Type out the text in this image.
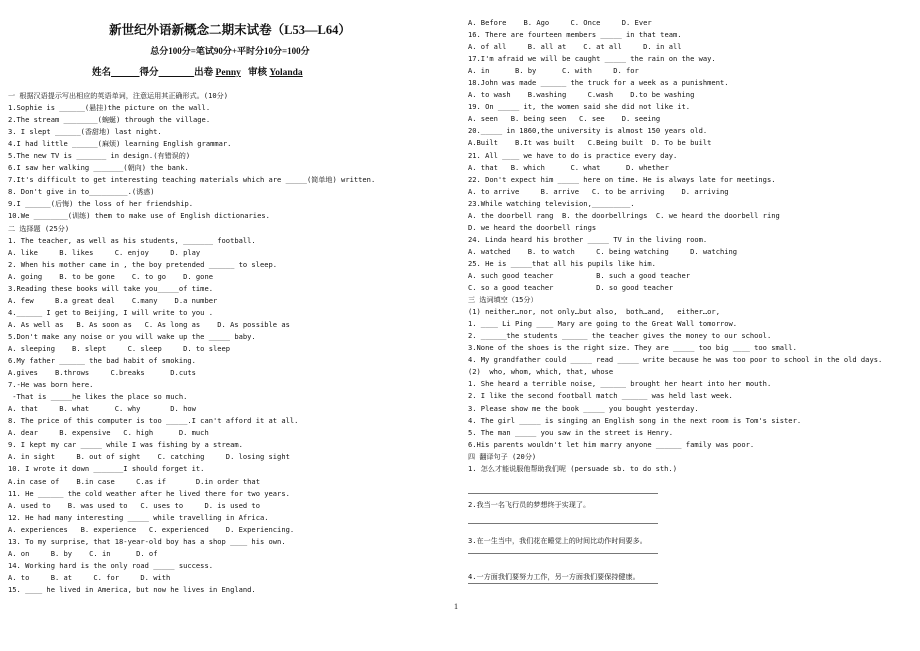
新世纪外语新概念二期末试卷（L53—L64）
总分100分=笔试90分+平时分10分=100分
姓名	得分	出卷 Penny 审核 Yolanda
一 根据汉语提示写出相应的英语单词，注意运用其正确形式。(10分)
1.Sophie is ______(悬挂)the picture on the wall.
2.The stream ________(蜿蜒) through the village.
3. I slept ______(香甜地) last night.
4.I had little ______(麻烦) learning English grammar.
5.The new TV is _______ in design.(有错误的)
6.I saw her walking _______(朝向) the bank.
7.It's difficult to get interesting teaching materials which are _____(简单地) written.
8. Don't give in to_________.(诱惑)
9.I ______(后悔) the loss of her friendship.
10.We ________(训练) them to make use of English dictionaries.
二 选择题 (25分)
1. The teacher, as well as his students, _______ football.
A. like     B. likes     C. enjoy     D. play
2. When his mother came in , the boy pretended ______ to sleep.
A. going    B. to be gone    C. to go    D. gone
3.Reading these books will take you_____of time.
A. few     B.a great deal    C.many    D.a number
4.______ I get to Beijing, I will write to you .
A. As well as   B. As soon as   C. As long as    D. As possible as
5.Don't make any noise or you will wake up the _____ baby.
A. sleeping    B. slept     C. sleep     D. to sleep
6.My father ______ the bad habit of smoking.
A.gives    B.throws     C.breaks      D.cuts
7.-He was born here.
-That is _____he likes the place so much.
A. that     B. what      C. why       D. how
8. The price of this computer is too _____.I can't afford it at all.
A. dear     B. expensive   C. high      D. much
9. I kept my car _____ while I was fishing by a stream.
A. in sight     B. out of sight    C. catching     D. losing sight
10. I wrote it down _______I should forget it.
A.in case of    B.in case     C.as if       D.in order that
11. He ______ the cold weather after he lived there for two years.
A. used to    B. was used to   C. uses to     D. is used to
12. He had many interesting _____ while travelling in Africa.
A. experiences   B. experience   C. experienced    D. Experiencing.
13. To my surprise, that 18-year-old boy has a shop ____ his own.
A. on     B. by    C. in      D. of
14. Working hard is the only road _____ success.
A. to     B. at     C. for     D. with
15. ____ he lived in America, but now he lives in England.
A. Before    B. Ago     C. Once     D. Ever
16. There are fourteen members _____ in that team.
A. of all     B. all at    C. at all     D. in all
17.I'm afraid we will be caught _____ the rain on the way.
A. in      B. by      C. with     D. for
18.John was made ______ the truck for a week as a punishment.
A. to wash    B.washing     C.wash    D.to be washing
19. On _____ it, the women said she did not like it.
A. seen   B. being seen   C. see    D. seeing
20._____ in 1860,the university is almost 150 years old.
A.Built    B.It was built   C.Being built  D. To be built
21. All ____ we have to do is practice every day.
A. that   B. which      C. what      D. whether
22. Don't expect him _____ here on time. He is always late for meetings.
A. to arrive     B. arrive   C. to be arriving    D. arriving
23.While watching television,_________.
A. the doorbell rang  B. the doorbellrings  C. we heard the doorbell ring
D. we heard the doorbell rings
24. Linda heard his brother _____ TV in the living room.
A. watched    B. to watch     C. being watching     D. watching
25. He is _____that all his pupils like him.
A. such good teacher          B. such a good teacher
C. so a good teacher          D. so good teacher
三 选词填空（15分）
(1) neither…nor, not only…but also,  both…and,   either…or,
1. ____ Li Ping ____ Mary are going to the Great Wall tomorrow.
2. ______the students ______ the teacher gives the money to our school.
3.None of the shoes is the right size. They are _____ too big ____ too small.
4. My grandfather could _____ read _____ write because he was too poor to school in the old days.
(2)  who, whom, which, that, whose
1. She heard a terrible noise, ______ brought her heart into her mouth.
2. I like the second football match ______ was held last week.
3. Please show me the book _____ you bought yesterday.
4. The girl _____ is singing an English song in the next room is Tom's sister.
5. The man _____ you saw in the street is Henry.
6.His parents wouldn't let him marry anyone ______ family was poor.
四 翻译句子 (20分)
1. 怎么才能说服他帮助我们呢 (persuade sb. to do sth.)
2.我当一名飞行员的梦想终于实现了。
3.在一生当中，我们花在睡觉上的时间比动作时间要多。
4.一方面我们要努力工作，另一方面我们要保持健康。
1
